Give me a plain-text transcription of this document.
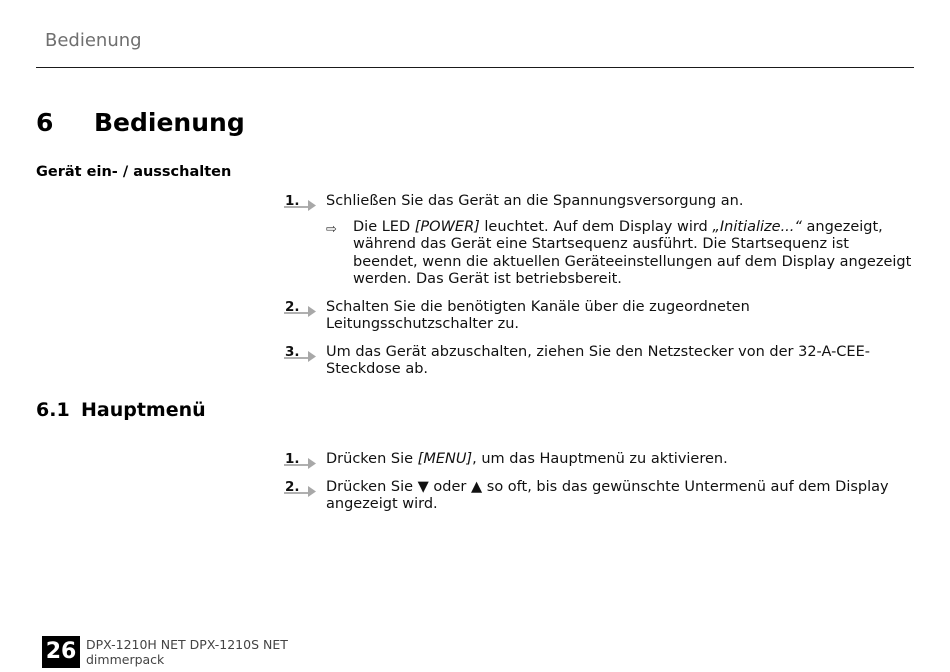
Bedienung
6 Bedienung
Gerät ein- / ausschalten
1. Schließen Sie das Gerät an die Spannungsversorgung an.
⇨ Die LED [POWER] leuchtet. Auf dem Display wird „Initialize...“ angezeigt, während das Gerät eine Startsequenz ausführt. Die Startsequenz ist beendet, wenn die aktuellen Geräteeinstellungen auf dem Display angezeigt werden. Das Gerät ist betriebsbereit.
2. Schalten Sie die benötigten Kanäle über die zugeordneten Leitungsschutzschalter zu.
3. Um das Gerät abzuschalten, ziehen Sie den Netzstecker von der 32-A-CEE-Steckdose ab.
6.1 Hauptmenü
1. Drücken Sie [MENU], um das Hauptmenü zu aktivieren.
2. Drücken Sie ▼ oder ▲ so oft, bis das gewünschte Untermenü auf dem Display angezeigt wird.
26 DPX-1210H NET DPX-1210S NET
dimmerpack
